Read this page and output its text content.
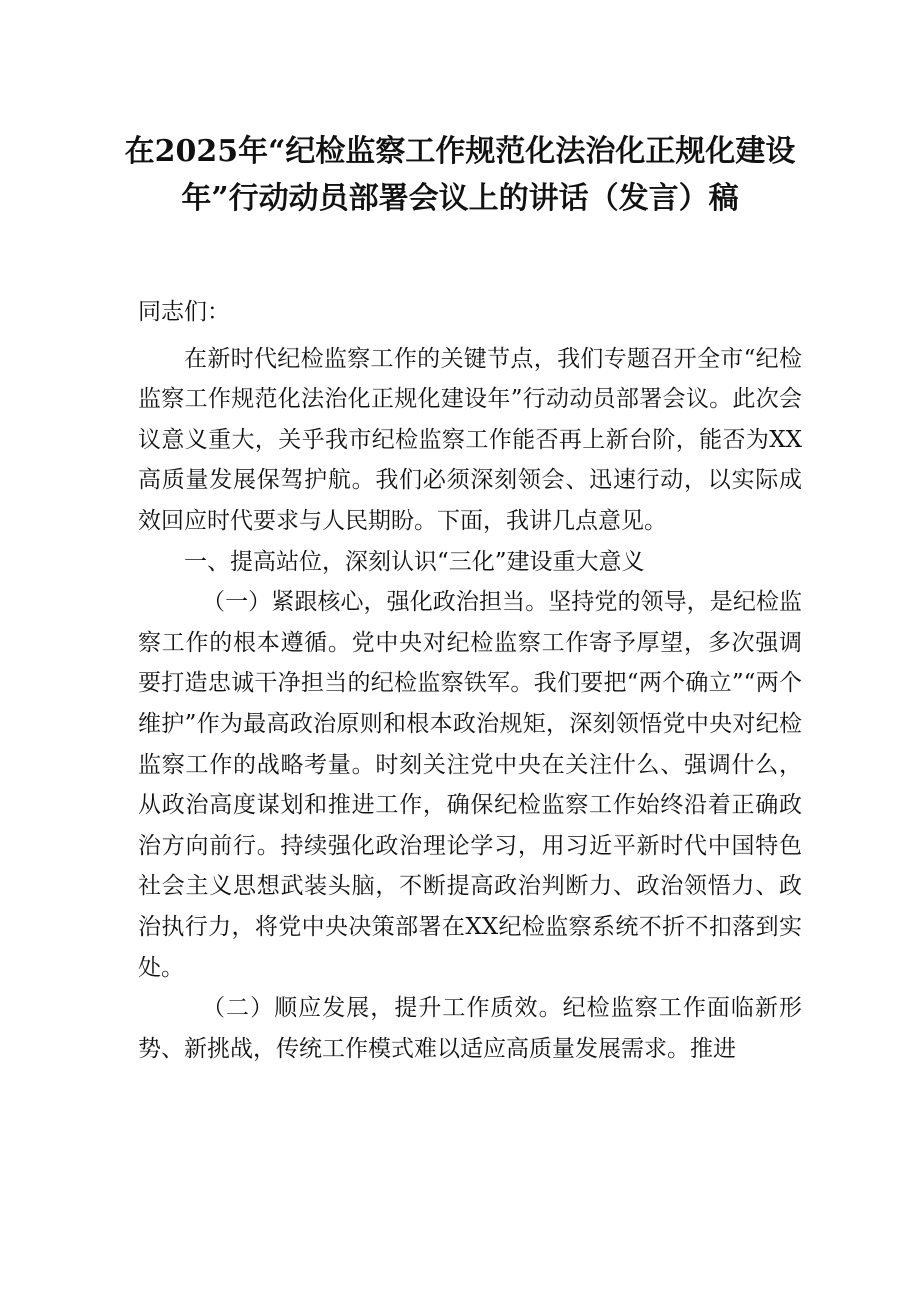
在2025年“纪检监察工作规范化法治化正规化建设
年”行动动员部署会议上的讲话（发言）稿

同志们：

在新时代纪检监察工作的关键节点，我们专题召开全市“纪检监察工作规范化法治化正规化建设年”行动动员部署会议。此次会议意义重大，关乎我市纪检监察工作能否再上新台阶，能否为XX高质量发展保驾护航。我们必须深刻领会、迅速行动，以实际成效回应时代要求与人民期盼。下面，我讲几点意见。

一、提高站位，深刻认识“三化”建设重大意义

（一）紧跟核心，强化政治担当。坚持党的领导，是纪检监察工作的根本遵循。党中央对纪检监察工作寄予厚望，多次强调要打造忠诚干净担当的纪检监察铁军。我们要把“两个确立”“两个维护”作为最高政治原则和根本政治规矩，深刻领悟党中央对纪检监察工作的战略考量。时刻关注党中央在关注什么、强调什么，从政治高度谋划和推进工作，确保纪检监察工作始终沿着正确政治方向前行。持续强化政治理论学习，用习近平新时代中国特色社会主义思想武装头脑，不断提高政治判断力、政治领悟力、政治执行力，将党中央决策部署在XX纪检监察系统不折不扣落到实处。

（二）顺应发展，提升工作质效。纪检监察工作面临新形势、新挑战，传统工作模式难以适应高质量发展需求。推进
